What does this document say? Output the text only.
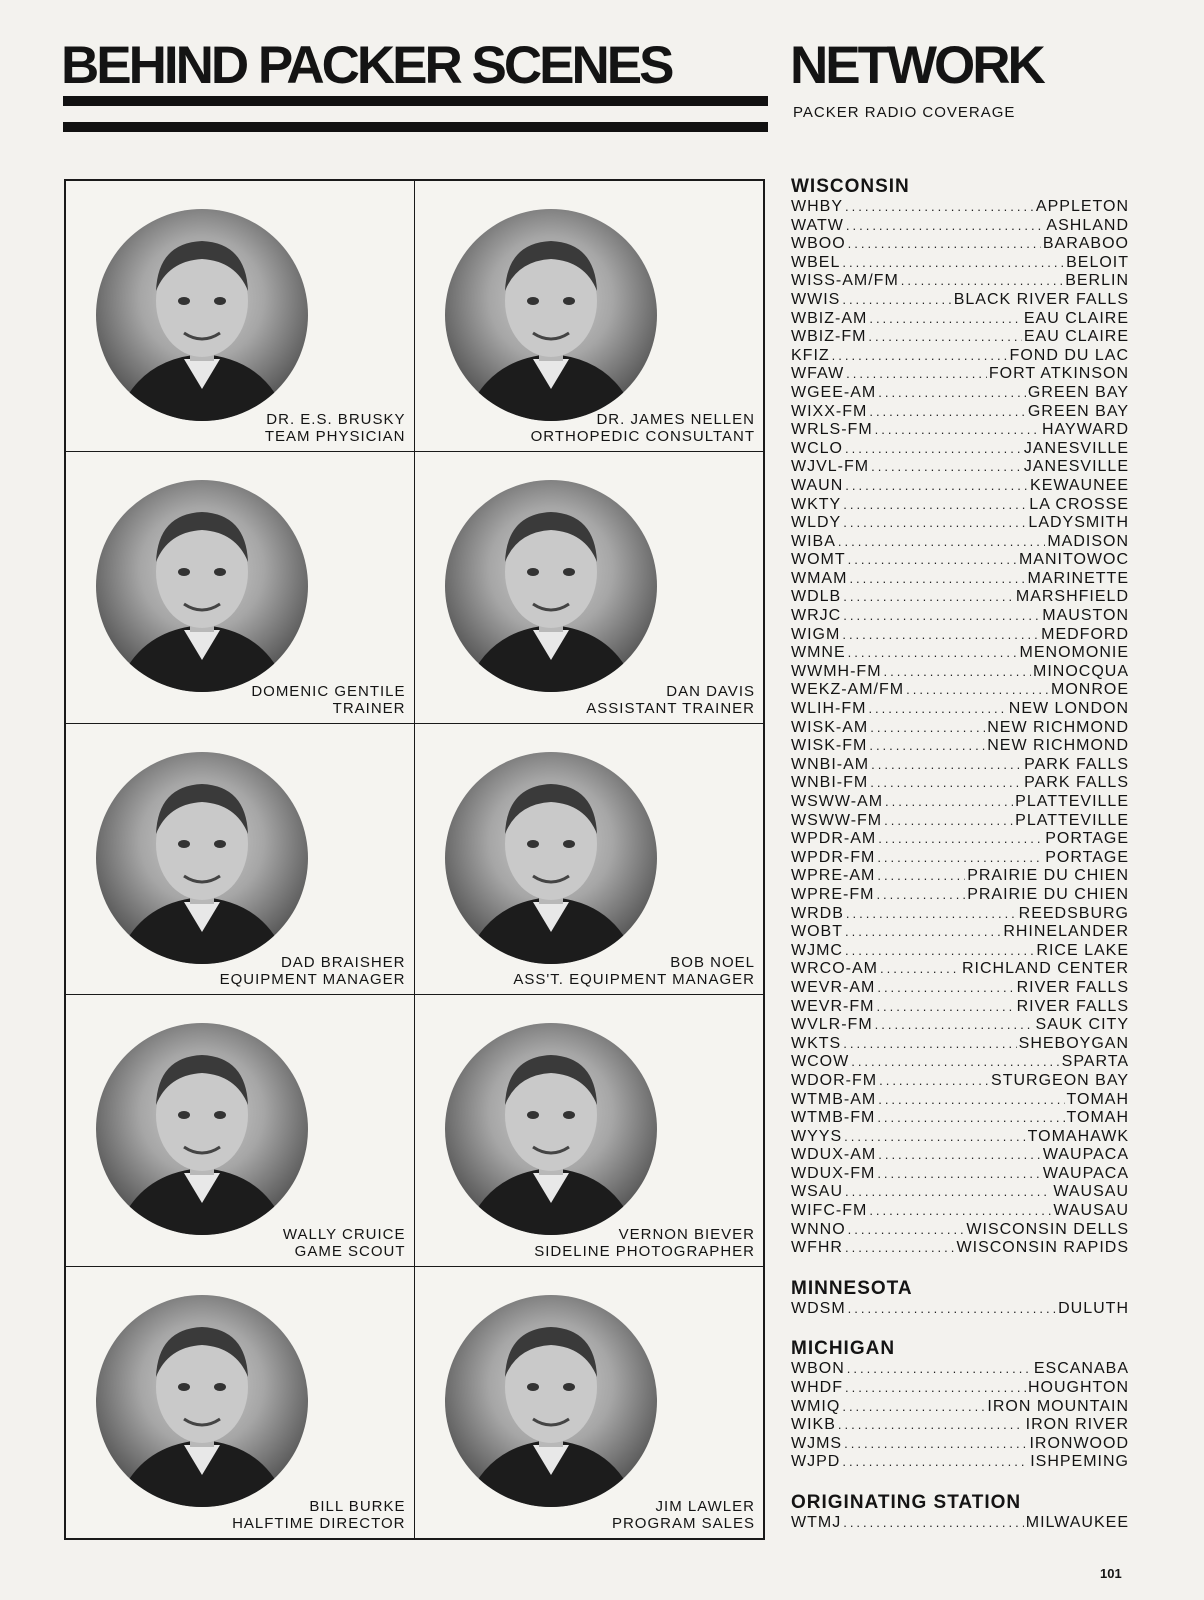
BEHIND PACKER SCENES NETWORK
PACKER RADIO COVERAGE
DR. E.S. BRUSKY
TEAM PHYSICIAN
DR. JAMES NELLEN
ORTHOPEDIC CONSULTANT
DOMENIC GENTILE
TRAINER
DAN DAVIS
ASSISTANT TRAINER
DAD BRAISHER
EQUIPMENT MANAGER
BOB NOEL
ASS'T. EQUIPMENT MANAGER
WALLY CRUICE
GAME SCOUT
VERNON BIEVER
SIDELINE PHOTOGRAPHER
BILL BURKE
HALFTIME DIRECTOR
JIM LAWLER
PROGRAM SALES
WISCONSIN
WHBY .....	APPLETON
WATW .....	ASHLAND
WBOO .....	BARABOO
WBEL .....	BELOIT
WISS-AM/FM .....	BERLIN
WWIS .....	BLACK RIVER FALLS
WBIZ-AM .....	EAU CLAIRE
WBIZ-FM .....	EAU CLAIRE
KFIZ .....	FOND DU LAC
WFAW .....	FORT ATKINSON
WGEE-AM .....	GREEN BAY
WIXX-FM .....	GREEN BAY
WRLS-FM .....	HAYWARD
WCLO .....	JANESVILLE
WJVL-FM .....	JANESVILLE
WAUN .....	KEWAUNEE
WKTY .....	LA CROSSE
WLDY .....	LADYSMITH
WIBA .....	MADISON
WOMT .....	MANITOWOC
WMAM .....	MARINETTE
WDLB .....	MARSHFIELD
WRJC .....	MAUSTON
WIGM .....	MEDFORD
WMNE .....	MENOMONIE
WWMH-FM .....	MINOCQUA
WEKZ-AM/FM .....	MONROE
WLIH-FM .....	NEW LONDON
WISK-AM .....	NEW RICHMOND
WISK-FM .....	NEW RICHMOND
WNBI-AM .....	PARK FALLS
WNBI-FM .....	PARK FALLS
WSWW-AM .....	PLATTEVILLE
WSWW-FM .....	PLATTEVILLE
WPDR-AM .....	PORTAGE
WPDR-FM .....	PORTAGE
WPRE-AM .....	PRAIRIE DU CHIEN
WPRE-FM .....	PRAIRIE DU CHIEN
WRDB .....	REEDSBURG
WOBT .....	RHINELANDER
WJMC .....	RICE LAKE
WRCO-AM .....	RICHLAND CENTER
WEVR-AM .....	RIVER FALLS
WEVR-FM .....	RIVER FALLS
WVLR-FM .....	SAUK CITY
WKTS .....	SHEBOYGAN
WCOW .....	SPARTA
WDOR-FM .....	STURGEON BAY
WTMB-AM .....	TOMAH
WTMB-FM .....	TOMAH
WYYS .....	TOMAHAWK
WDUX-AM .....	WAUPACA
WDUX-FM .....	WAUPACA
WSAU .....	WAUSAU
WIFC-FM .....	WAUSAU
WNNO .....	WISCONSIN DELLS
WFHR .....	WISCONSIN RAPIDS
MINNESOTA
WDSM .....	DULUTH
MICHIGAN
WBON .....	ESCANABA
WHDF .....	HOUGHTON
WMIQ .....	IRON MOUNTAIN
WIKB .....	IRON RIVER
WJMS .....	IRONWOOD
WJPD .....	ISHPEMING
ORIGINATING STATION
WTMJ .....	MILWAUKEE
101
